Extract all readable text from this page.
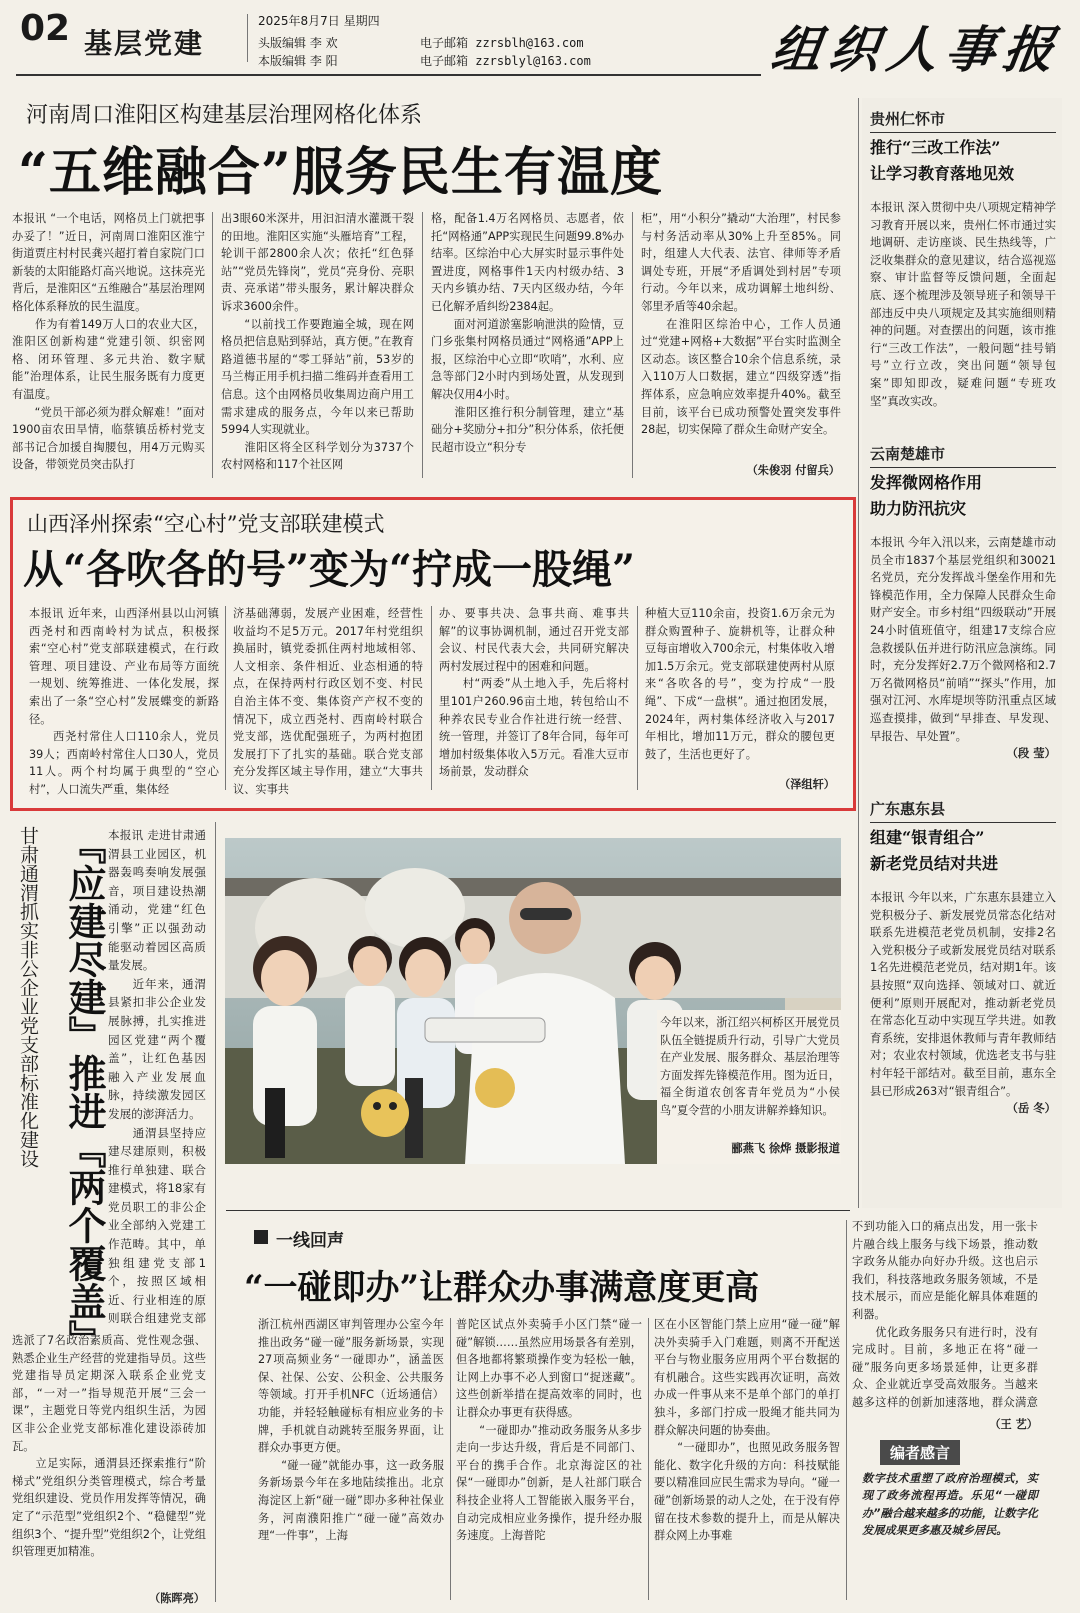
02 基层党建
2025年8月7日 星期四
头版编辑 李 欢
本版编辑 李 阳
电子邮箱 zzrsblh@163.com
电子邮箱 zzrsblyl@163.com	组织人事报
河南周口淮阳区构建基层治理网格化体系
“五维融合”服务民生有温度
本报讯 “一个电话，网格员上门就把事办妥了！”近日，河南周口淮阳区淮宁街道贾庄村村民龚兴超打着自家院门口新装的太阳能路灯高兴地说。这抹亮光背后，是淮阳区“五维融合”基层治理网格化体系释放的民生温度。
　　作为有着149万人口的农业大区，淮阳区创新构建“党建引领、织密网格、闭环管理、多元共治、数字赋能”治理体系，让民生服务既有力度更有温度。
　　“党员干部必须为群众解难！”面对1900亩农田旱情，临蔡镇岳桥村党支部书记合加援自掏腰包，用4万元购买设备，带领党员突击队打
出3眼60米深井，用汩汩清水灌溉干裂的田地。淮阳区实施“头雁培育”工程，轮训干部2800余人次；依托“红色驿站”“党员先锋岗”，党员“亮身份、亮职责、亮承诺”带头服务，累计解决群众诉求3600余件。
　　“以前找工作要跑遍全城，现在网格员把信息贴到驿站，真方便。”在教育路道德书屋的“零工驿站”前，53岁的马兰梅正用手机扫描二维码并查看用工信息。这个由网格员收集周边商户用工需求建成的服务点，今年以来已帮助5994人实现就业。
　　淮阳区将全区科学划分为3737个农村网格和117个社区网
格，配备1.4万名网格员、志愿者，依托“网格通”APP实现民生问题99.8%办结率。区综治中心大屏实时显示事件处置进度，网格事件1天内村级办结、3天内乡镇办结、7天内区级办结，今年已化解矛盾纠纷2384起。
　　面对河道淤塞影响泄洪的险情，豆门乡张集村网格员通过“网格通”APP上报，区综治中心立即“吹哨”，水利、应急等部门2小时内到场处置，从发现到解决仅用4小时。
　　淮阳区推行积分制管理，建立“基础分+奖励分+扣分”积分体系，依托便民超市设立“积分专
柜”，用“小积分”撬动“大治理”，村民参与村务活动率从30%上升至85%。同时，组建人大代表、法官、律师等矛盾调处专班，开展“矛盾调处到村居”专项行动。今年以来，成功调解土地纠纷、邻里矛盾等40余起。
　　在淮阳区综治中心，工作人员通过“党建+网格+大数据”平台实时监测全区动态。该区整合10余个信息系统，录入110万人口数据，建立“四级穿透”指挥体系，应急响应效率提升40%。截至目前，该平台已成功预警处置突发事件28起，切实保障了群众生命财产安全。
（朱俊羽 付留兵）
山西泽州探索“空心村”党支部联建模式
从“各吹各的号”变为“拧成一股绳”
本报讯 近年来，山西泽州县以山河镇西尧村和西南岭村为试点，积极探索“空心村”党支部联建模式，在行政管理、项目建设、产业布局等方面统一规划、统筹推进、一体化发展，探索出了一条“空心村”发展蝶变的新路径。
　　西尧村常住人口110余人，党员39人；西南岭村常住人口30人，党员11人。两个村均属于典型的“空心村”，人口流失严重，集体经
济基础薄弱，发展产业困难，经营性收益均不足5万元。2017年村党组织换届时，镇党委抓住两村地域相邻、人文相亲、条件相近、业态相通的特点，在保持两村行政区划不变、村民自治主体不变、集体资产产权不变的情况下，成立西尧村、西南岭村联合党支部，选优配强班子，为两村抱团发展打下了扎实的基础。联合党支部充分发挥区域主导作用，建立“大事共议、实事共
办、要事共决、急事共商、难事共解”的议事协调机制，通过召开党支部会议、村民代表大会，共同研究解决两村发展过程中的困难和问题。
　　村“两委”从土地入手，先后将村里101户260.96亩土地，转包给山不种养农民专业合作社进行统一经营、统一管理，并签订了8年合同，每年可增加村级集体收入5万元。看准大豆市场前景，发动群众
种植大豆110余亩，投资1.6万余元为群众购置种子、旋耕机等，让群众种豆每亩增收入700余元，村集体收入增加1.5万余元。党支部联建使两村从原来“各吹各的号”，变为拧成“一股绳”、下成“一盘棋”。通过抱团发展，2024年，两村集体经济收入与2017年相比，增加11万元，群众的腰包更鼓了，生活也更好了。
（泽组轩）
甘肃通渭抓实非公企业党支部标准化建设 『应建尽建』推进『两个覆盖』 本报讯 走进甘肃通渭县工业园区，机器轰鸣奏响发展强音，项目建设热潮涌动，党建“红色引擎”正以强劲动能驱动着园区高质量发展。
　　近年来，通渭县紧扣非公企业发展脉搏，扎实推进园区党建“两个覆盖”，让红色基因融入产业发展血脉，持续激发园区发展的澎湃活力。
　　通渭县坚持应建尽建原则，积极推行单独建、联合建模式，将18家有党员职工的非公企业全部纳入党建工作范畴。其中，单独组建党支部1个，按照区域相近、行业相连的原则联合组建党支部
选派了7名政治素质高、党性观念强、熟悉企业生产经营的党建指导员。这些党建指导员定期深入联系企业党支部，“一对一”指导规范开展“三会一课”，主题党日等党内组织生活，为园区非公企业党支部标准化建设添砖加瓦。
　　立足实际，通渭县还探索推行“阶梯式”党组织分类管理模式，综合考量党组织建设、党员作用发挥等情况，确定了“示范型”党组织2个、“稳健型”党组织3个、“提升型”党组织2个，让党组织管理更加精准。
（陈晖亮）
今年以来，浙江绍兴柯桥区开展党员队伍全链提质升行动，引导广大党员在产业发展、服务群众、基层治理等方面发挥先锋模范作用。图为近日，福全街道农创客青年党员为“小侯鸟”夏令营的小朋友讲解养蜂知识。
郦燕飞 徐烨 摄影报道
一线回声
“一碰即办”让群众办事满意度更高
浙江杭州西湖区审判管理办公室今年推出政务“碰一碰”服务新场景，实现27项高频业务“一碰即办”，涵盖医保、社保、公安、公积金、公共服务等领域。打开手机NFC（近场通信）功能，并轻轻触碰标有相应业务的卡牌，手机就自动跳转至服务界面，让群众办事更方便。
　　“碰一碰”就能办事，这一政务服务新场景今年在多地陆续推出。北京海淀区上新“碰一碰”即办多种社保业务，河南濮阳推广“碰一碰”高效办理“一件事”，上海
普陀区试点外卖骑手小区门禁“碰一碰”解锁……虽然应用场景各有差别，但各地都将繁琐操作变为轻松一触，让网上办事不必人到窗口“捉迷藏”。这些创新举措在提高效率的同时，也让群众办事更有获得感。
　　“一碰即办”推动政务服务从多步走向一步达升级，背后是不同部门、平台的携手合作。北京海淀区的社保“一碰即办”创新，是人社部门联合科技企业将人工智能嵌入服务平台，自动完成相应业务操作，提升经办服务速度。上海普陀
区在小区智能门禁上应用“碰一碰”解决外卖骑手入门难题，则离不开配送平台与物业服务应用两个平台数据的有机融合。这些实践再次证明，高效办成一件事从来不是单个部门的单打独斗，多部门拧成一股绳才能共同为群众解决问题的协奏曲。
　　“一碰即办”，也照见政务服务智能化、数字化升级的方向：科技赋能要以精准回应民生需求为导向。“碰一碰”创新场景的动人之处，在于没有停留在技术参数的提升上，而是从解决群众网上办事难
不到功能入口的痛点出发，用一张卡片融合线上服务与线下场景，推动数字政务从能办向好办升级。这也启示我们，科技落地政务服务领域，不是技术展示，而应是能化解具体难题的利器。
　　优化政务服务只有进行时，没有完成时。目前，多地正在将“碰一碰”服务向更多场景延伸，让更多群众、企业就近享受高效服务。当越来越多这样的创新加速落地，群众满意
（王 艺）
编者感言
数字技术重塑了政府治理模式，实现了政务流程再造。乐见“一碰即办”融合越来越多的功能，让数字化发展成果更多惠及城乡居民。
贵州仁怀市
推行“三改工作法”
让学习教育落地见效
本报讯 深入贯彻中央八项规定精神学习教育开展以来，贵州仁怀市通过实地调研、走访座谈、民生热线等，广泛收集群众的意见建议，结合巡视巡察、审计监督等反馈问题，全面起底、逐个梳理涉及领导班子和领导干部违反中央八项规定及其实施细则精神的问题。对查摆出的问题，该市推行“三改工作法”，一般问题“挂号销号”立行立改，突出问题“领导包案”即知即改，疑难问题“专班攻坚”真改实改。
云南楚雄市
发挥微网格作用
助力防汛抗灾
本报讯 今年入汛以来，云南楚雄市动员全市1837个基层党组织和30021名党员，充分发挥战斗堡垒作用和先锋模范作用，全力保障人民群众生命财产安全。市乡村组“四级联动”开展24小时值班值守，组建17支综合应急救援队伍并进行防汛应急演练。同时，充分发挥好2.7万个微网格和2.7万名微网格员“前哨”“探头”作用，加强对江河、水库堤坝等防汛重点区域巡查摸排，做到“早排查、早发现、早报告、早处置”。
（段 莹）
广东惠东县
组建“银青组合”
新老党员结对共进
本报讯 今年以来，广东惠东县建立入党积极分子、新发展党员常态化结对联系先进模范老党员机制，安排2名入党积极分子或新发展党员结对联系1名先进模范老党员，结对期1年。该县按照“双向选择、领域对口、就近便利”原则开展配对，推动新老党员在常态化互动中实现互学共进。如教育系统，安排退休教师与青年教师结对；农业农村领域，优选老支书与驻村年轻干部结对。截至目前，惠东全县已形成263对“银青组合”。
（岳 冬）
